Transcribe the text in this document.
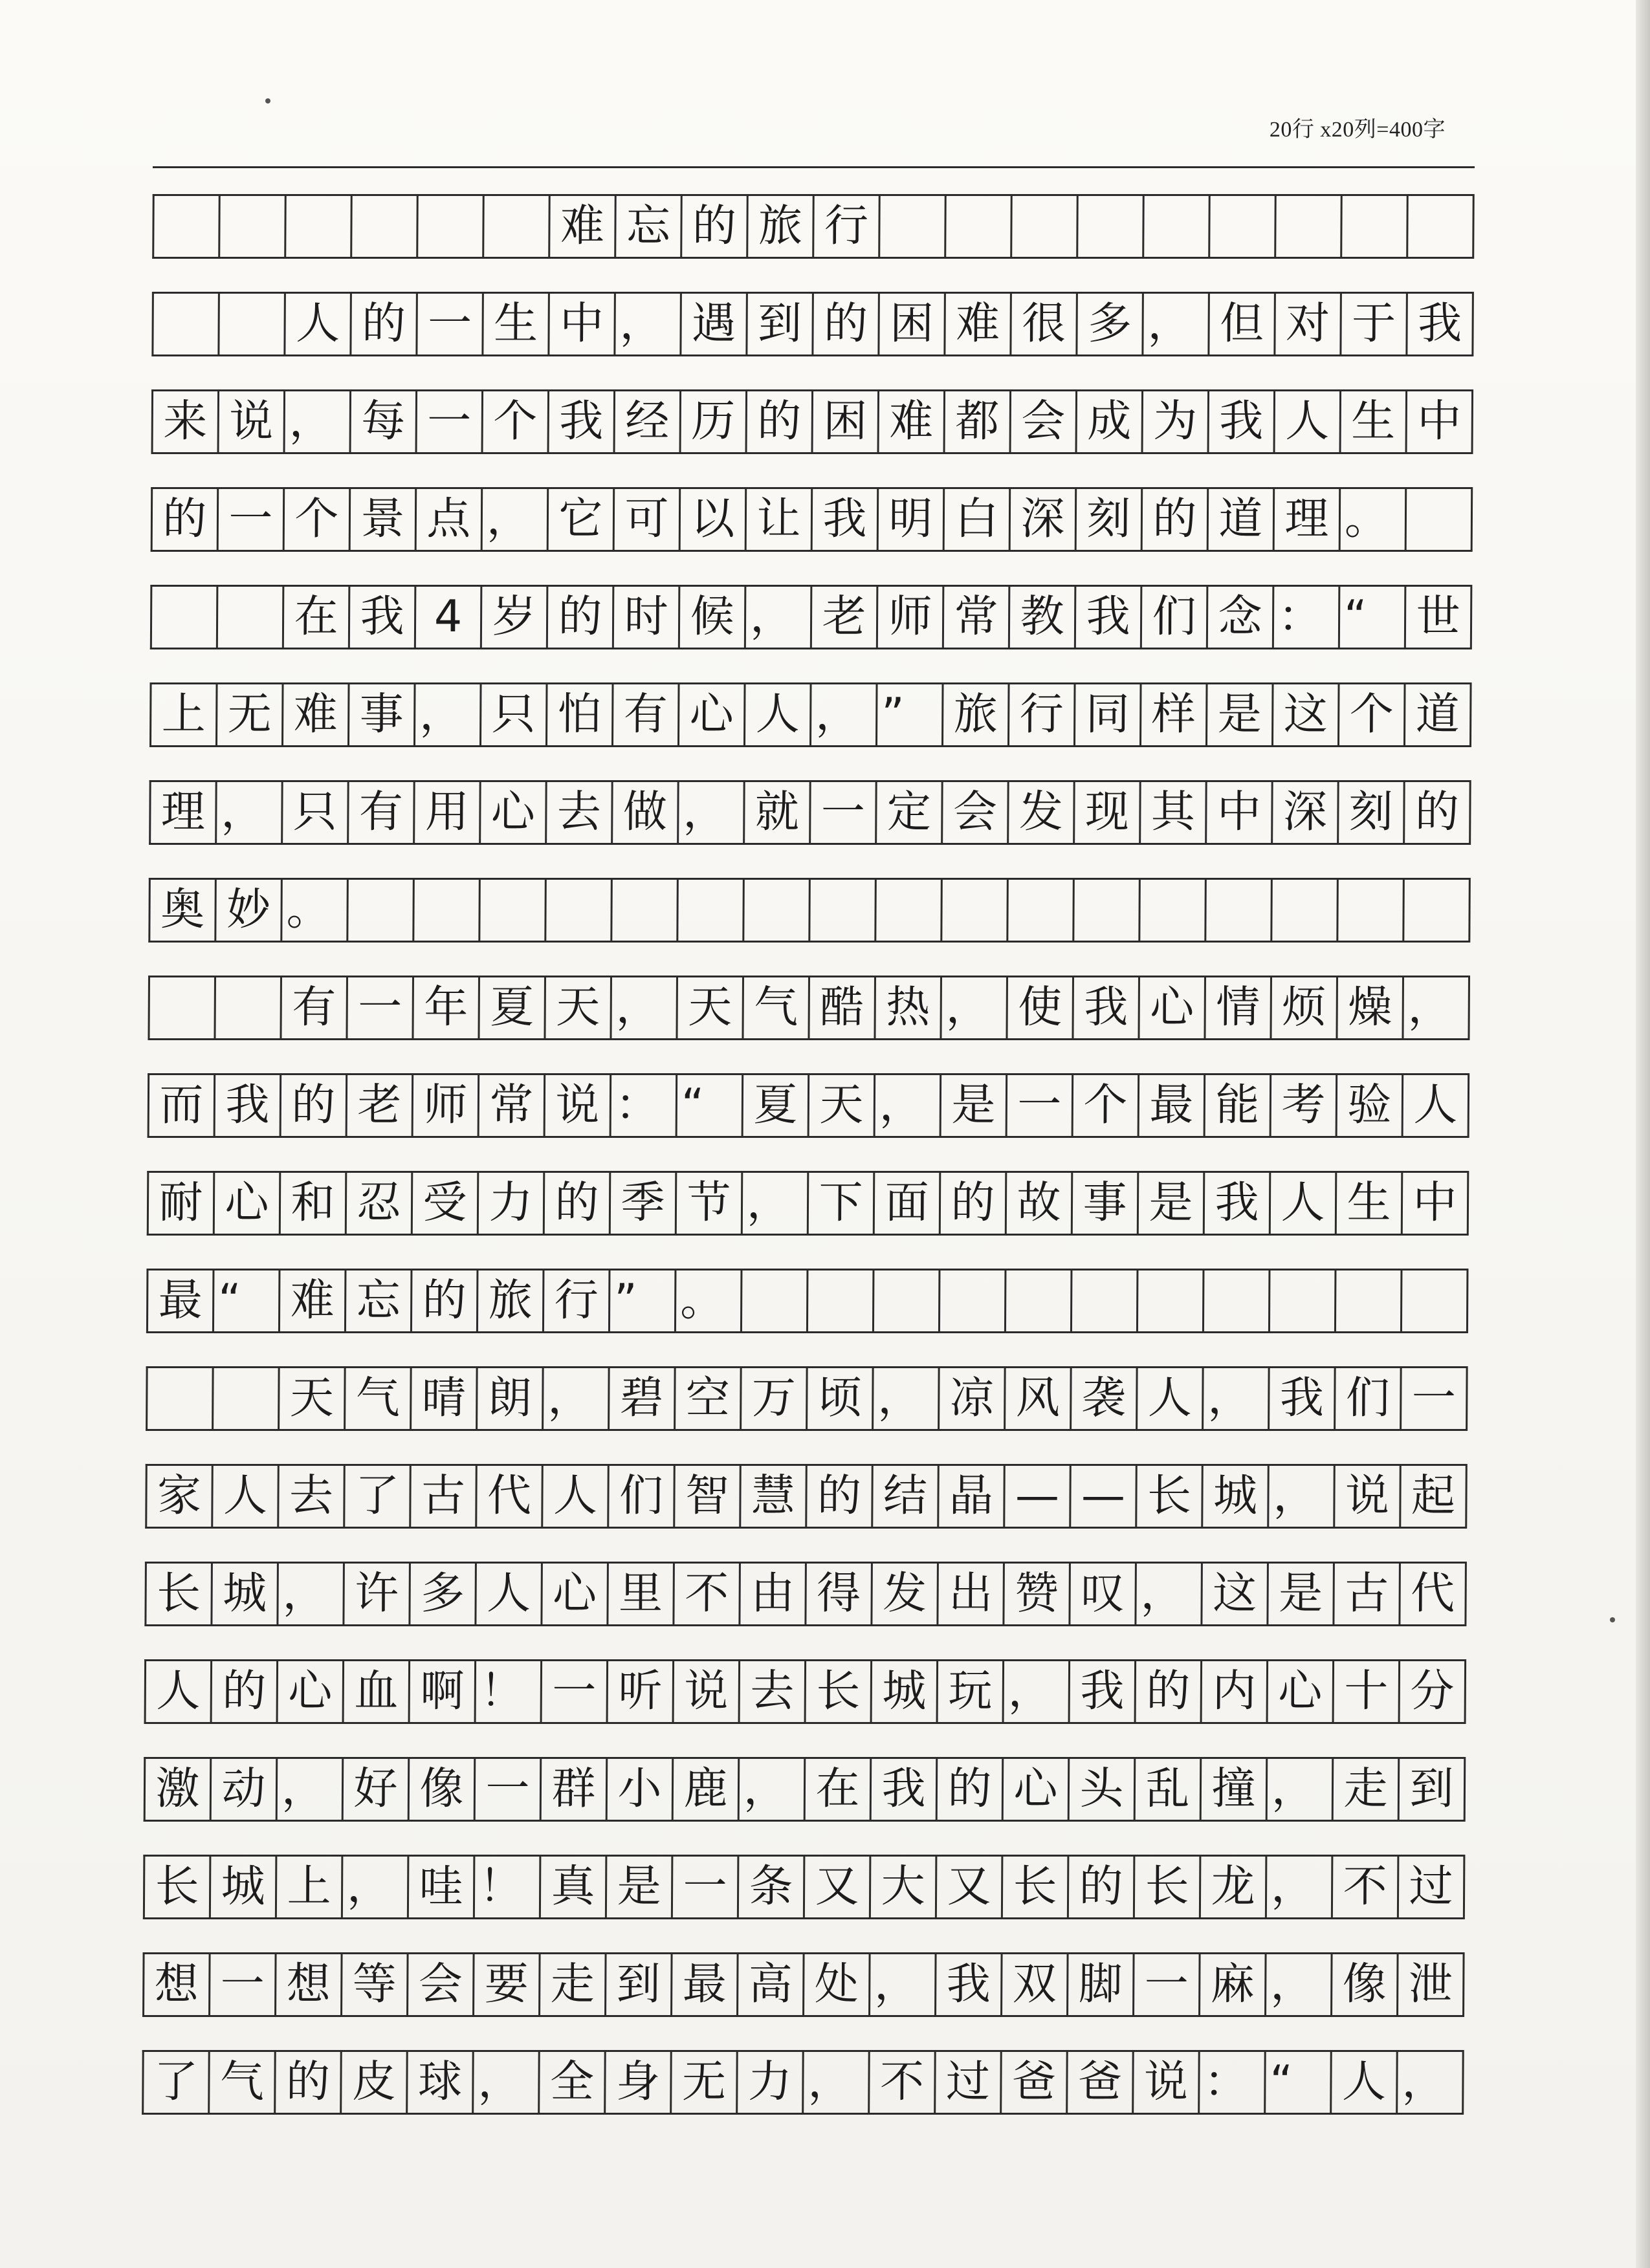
20行 x20列=400字
难 忘 的 旅 行
人 的 一 生 中 ， 遇 到 的 困 难 很 多 ， 但 对 于 我
来 说 ， 每 一 个 我 经 历 的 困 难 都 会 成 为 我 人 生 中
的 一 个 景 点 ， 它 可 以 让 我 明 白 深 刻 的 道 理 。
在 我 4 岁 的 时 候 ， 老 师 常 教 我 们 念 ： “	世
上 无 难 事 ， 只 怕 有 心 人 ， ”	旅 行 同 样 是 这 个 道
理 ， 只 有 用 心 去 做 ， 就 一 定 会 发 现 其 中 深 刻 的
奥 妙 。
有 一 年 夏 天 ， 天 气 酷 热 ， 使 我 心 情 烦 燥 ，
而 我 的 老 师 常 说 ： “	夏 天 ， 是 一 个 最 能 考 验 人
耐 心 和 忍 受 力 的 季 节 ， 下 面 的 故 事 是 我 人 生 中
最 “	难 忘 的 旅 行 ” 。
天 气 晴 朗 ， 碧 空 万 顷 ， 凉 风 袭 人 ， 我 们 一
家 人 去 了 古 代 人 们 智 慧 的 结 晶 — — 长 城 ， 说 起
长 城 ， 许 多 人 心 里 不 由 得 发 出 赞 叹 ， 这 是 古 代
人 的 心 血 啊 ！ 一 听 说 去 长 城 玩 ， 我 的 内 心 十 分
激 动 ， 好 像 一 群 小 鹿 ， 在 我 的 心 头 乱 撞 ， 走 到
长 城 上 ， 哇 ！ 真 是 一 条 又 大 又 长 的 长 龙 ， 不 过
想 一 想 等 会 要 走 到 最 高 处 ， 我 双 脚 一 麻 ， 像 泄
了 气 的 皮 球 ， 全 身 无 力 ， 不 过 爸 爸 说 ： “	人 ，
